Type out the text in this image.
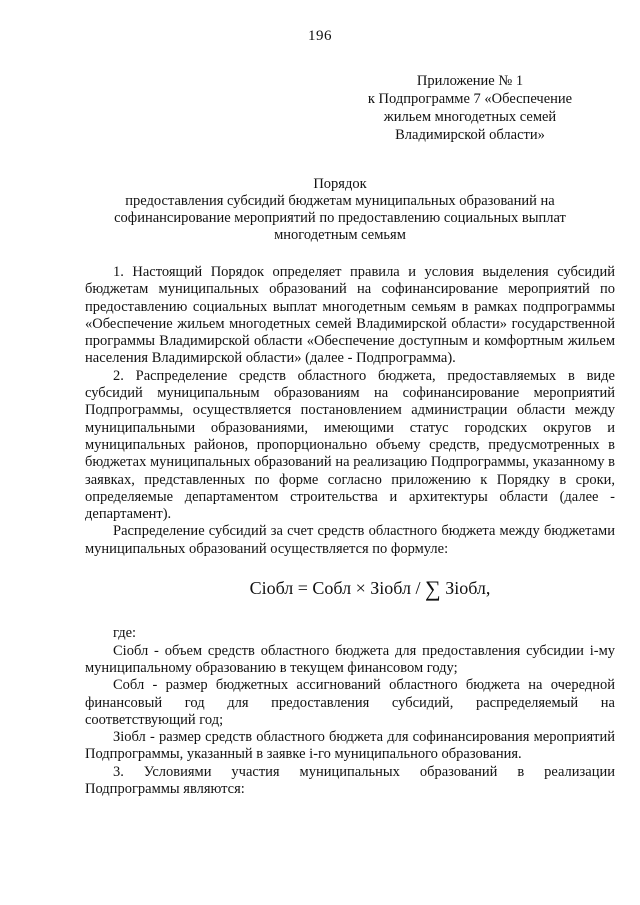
196
Приложение № 1
к Подпрограмме 7 «Обеспечение
жильем многодетных семей
Владимирской области»
Порядок
предоставления субсидий бюджетам муниципальных образований на
софинансирование мероприятий по предоставлению социальных выплат
многодетным семьям

1. Настоящий Порядок определяет правила и условия выделения субсидий бюджетам муниципальных образований на софинансирование мероприятий по предоставлению социальных выплат многодетным семьям в рамках подпрограммы «Обеспечение жильем многодетных семей Владимирской области» государственной программы Владимирской области «Обеспечение доступным и комфортным жильем населения Владимирской области» (далее - Подпрограмма).

2. Распределение средств областного бюджета, предоставляемых в виде субсидий муниципальным образованиям на софинансирование мероприятий Подпрограммы, осуществляется постановлением администрации области между муниципальными образованиями, имеющими статус городских округов и муниципальных районов, пропорционально объему средств, предусмотренных в бюджетах муниципальных образований на реализацию Подпрограммы, указанному в заявках, представленных по форме согласно приложению к Порядку в сроки, определяемые департаментом строительства и архитектуры области (далее - департамент).

Распределение субсидий за счет средств областного бюджета между бюджетами муниципальных образований осуществляется по формуле:

Сiобл = Собл × Зiобл / ∑ Зiобл,

где:

Сiобл - объем средств областного бюджета для предоставления субсидии i-му муниципальному образованию в текущем финансовом году;

Собл - размер бюджетных ассигнований областного бюджета на очередной финансовый год для предоставления субсидий, распределяемый на соответствующий год;

Зiобл - размер средств областного бюджета для софинансирования мероприятий Подпрограммы, указанный в заявке i-го муниципального образования.

3. Условиями участия муниципальных образований в реализации Подпрограммы являются:
